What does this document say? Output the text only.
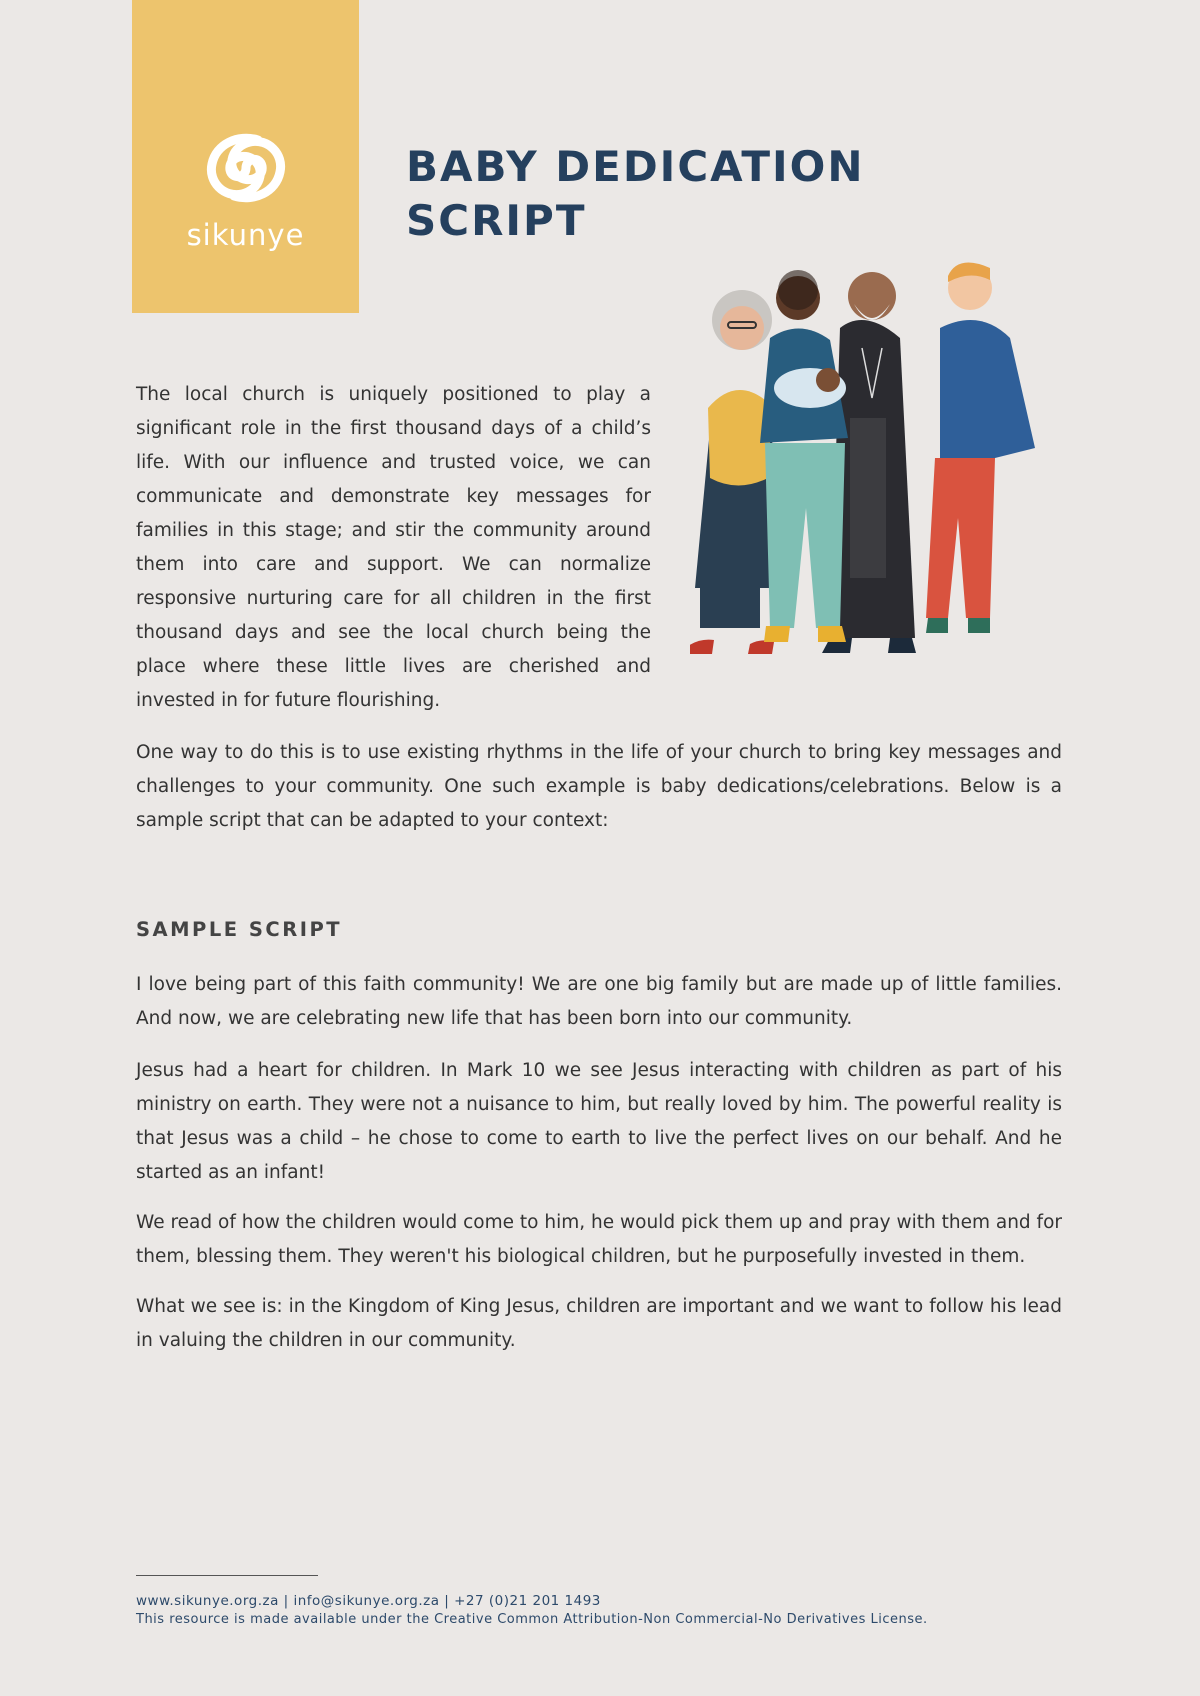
sikunye
BABY DEDICATION
SCRIPT

The local church is uniquely positioned to play a significant role in the first thousand days of a child’s life. With our influence and trusted voice, we can communicate and demonstrate key messages for families in this stage; and stir the community around them into care and support. We can normalize responsive nurturing care for all children in the first thousand days and see the local church being the place where these little lives are cherished and invested in for future flourishing.

One way to do this is to use existing rhythms in the life of your church to bring key messages and challenges to your community. One such example is baby dedications/celebrations. Below is a sample script that can be adapted to your context:

SAMPLE SCRIPT

I love being part of this faith community! We are one big family but are made up of little families. And now, we are celebrating new life that has been born into our community.

Jesus had a heart for children. In Mark 10 we see Jesus interacting with children as part of his ministry on earth. They were not a nuisance to him, but really loved by him. The powerful reality is that Jesus was a child – he chose to come to earth to live the perfect lives on our behalf. And he started as an infant!

We read of how the children would come to him, he would pick them up and pray with them and for them, blessing them. They weren't his biological children, but he purposefully invested in them.

What we see is: in the Kingdom of King Jesus, children are important and we want to follow his lead in valuing the children in our community.

www.sikunye.org.za | info@sikunye.org.za | +27 (0)21 201 1493
This resource is made available under the Creative Common Attribution-Non Commercial-No Derivatives License.
